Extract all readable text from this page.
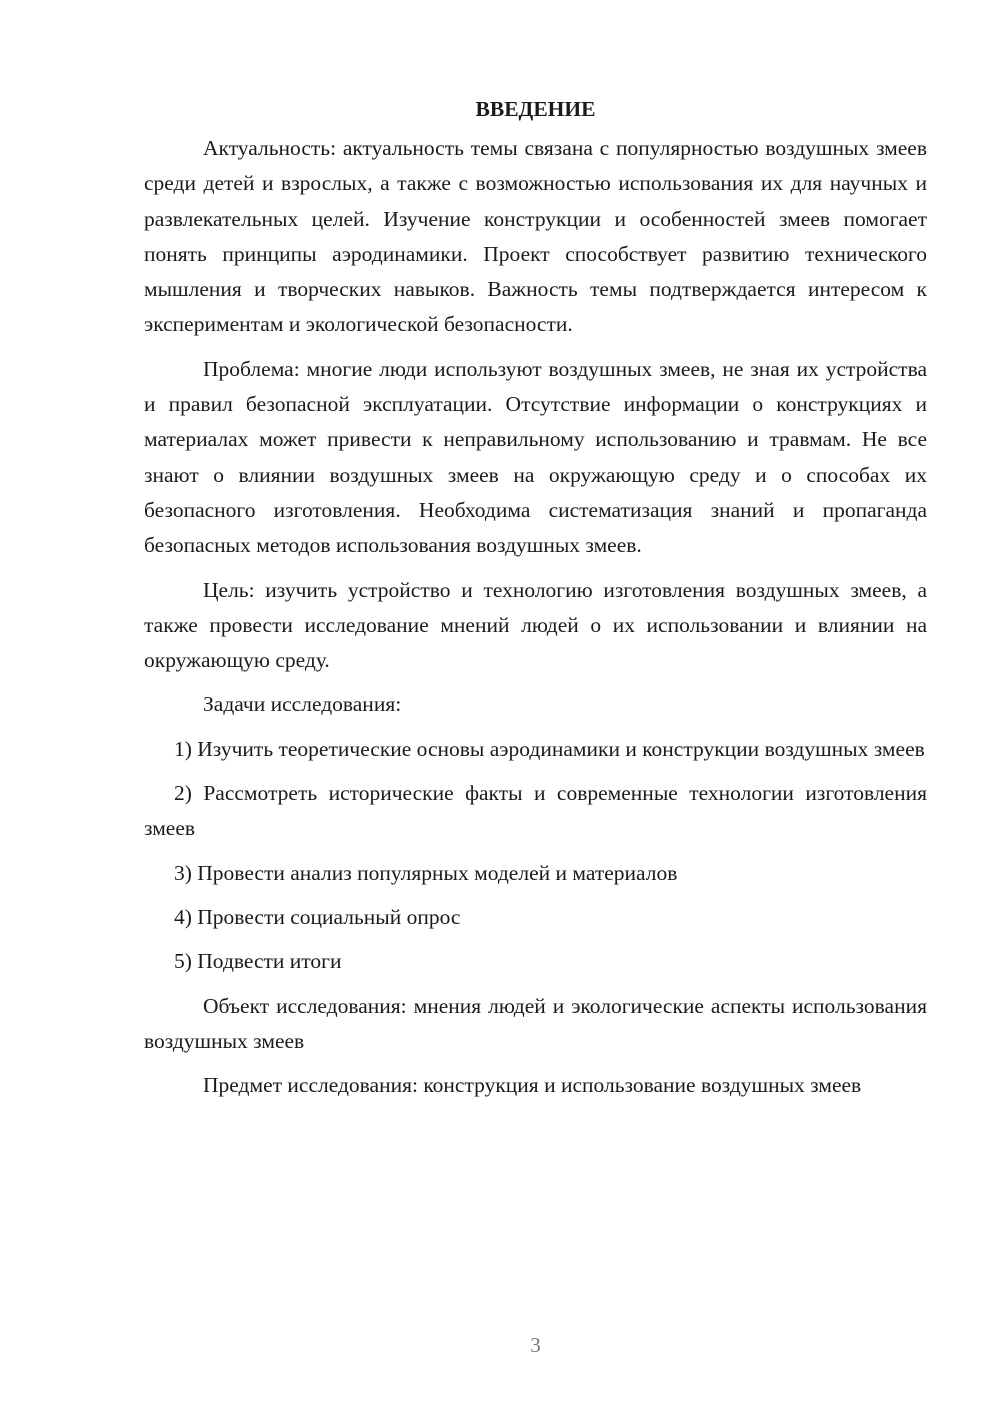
ВВЕДЕНИЕ

Актуальность: актуальность темы связана с популярностью воздушных змеев среди детей и взрослых, а также с возможностью использования их для научных и развлекательных целей. Изучение конструкции и особенностей змеев помогает понять принципы аэродинамики. Проект способствует развитию технического мышления и творческих навыков. Важность темы подтверждается интересом к экспериментам и экологической безопасности.

Проблема: многие люди используют воздушных змеев, не зная их устройства и правил безопасной эксплуатации. Отсутствие информации о конструкциях и материалах может привести к неправильному использованию и травмам. Не все знают о влиянии воздушных змеев на окружающую среду и о способах их безопасного изготовления. Необходима систематизация знаний и пропаганда безопасных методов использования воздушных змеев.

Цель: изучить устройство и технологию изготовления воздушных змеев, а также провести исследование мнений людей о их использовании и влиянии на окружающую среду.

Задачи исследования:

1) Изучить теоретические основы аэродинамики и конструкции воздушных змеев

2) Рассмотреть исторические факты и современные технологии изготовления змеев

3) Провести анализ популярных моделей и материалов

4) Провести социальный опрос

5) Подвести итоги

Объект исследования: мнения людей и экологические аспекты использования воздушных змеев

Предмет исследования: конструкция и использование воздушных змеев

3
